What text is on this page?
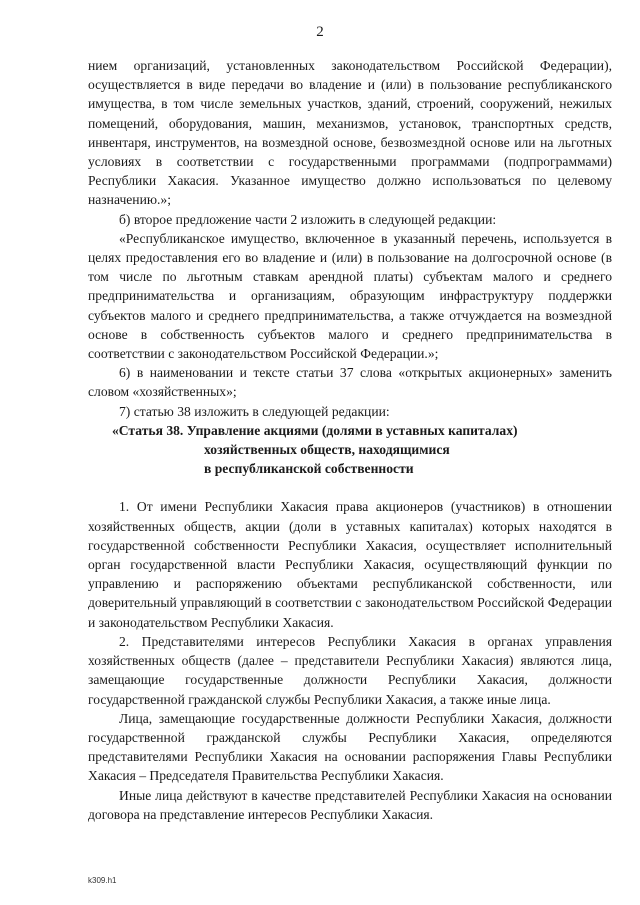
2

нием организаций, установленных законодательством Российской Федерации), осуществляется в виде передачи во владение и (или) в пользование республиканского имущества, в том числе земельных участков, зданий, строений, сооружений, нежилых помещений, оборудования, машин, механизмов, установок, транспортных средств, инвентаря, инструментов, на возмездной основе, безвозмездной основе или на льготных условиях в соответствии с государственными программами (подпрограммами) Республики Хакасия. Указанное имущество должно использоваться по целевому назначению.»;

б) второе предложение части 2 изложить в следующей редакции:

«Республиканское имущество, включенное в указанный перечень, используется в целях предоставления его во владение и (или) в пользование на долгосрочной основе (в том числе по льготным ставкам арендной платы) субъектам малого и среднего предпринимательства и организациям, образующим инфраструктуру поддержки субъектов малого и среднего предпринимательства, а также отчуждается на возмездной основе в собственность субъектов малого и среднего предпринимательства в соответствии с законодательством Российской Федерации.»;

6) в наименовании и тексте статьи 37 слова «открытых акционерных» заменить словом «хозяйственных»;

7) статью 38 изложить в следующей редакции:

«Статья 38. Управление акциями (долями в уставных капиталах)
хозяйственных обществ, находящимися
в республиканской собственности

1. От имени Республики Хакасия права акционеров (участников) в отношении хозяйственных обществ, акции (доли в уставных капиталах) которых находятся в государственной собственности Республики Хакасия, осуществляет исполнительный орган государственной власти Республики Хакасия, осуществляющий функции по управлению и распоряжению объектами республиканской собственности, или доверительный управляющий в соответствии с законодательством Российской Федерации и законодательством Республики Хакасия.

2. Представителями интересов Республики Хакасия в органах управления хозяйственных обществ (далее – представители Республики Хакасия) являются лица, замещающие государственные должности Республики Хакасия, должности государственной гражданской службы Республики Хакасия, а также иные лица.

Лица, замещающие государственные должности Республики Хакасия, должности государственной гражданской службы Республики Хакасия, определяются представителями Республики Хакасия на основании распоряжения Главы Республики Хакасия – Председателя Правительства Республики Хакасия.

Иные лица действуют в качестве представителей Республики Хакасия на основании договора на представление интересов Республики Хакасия.

k309.h1
